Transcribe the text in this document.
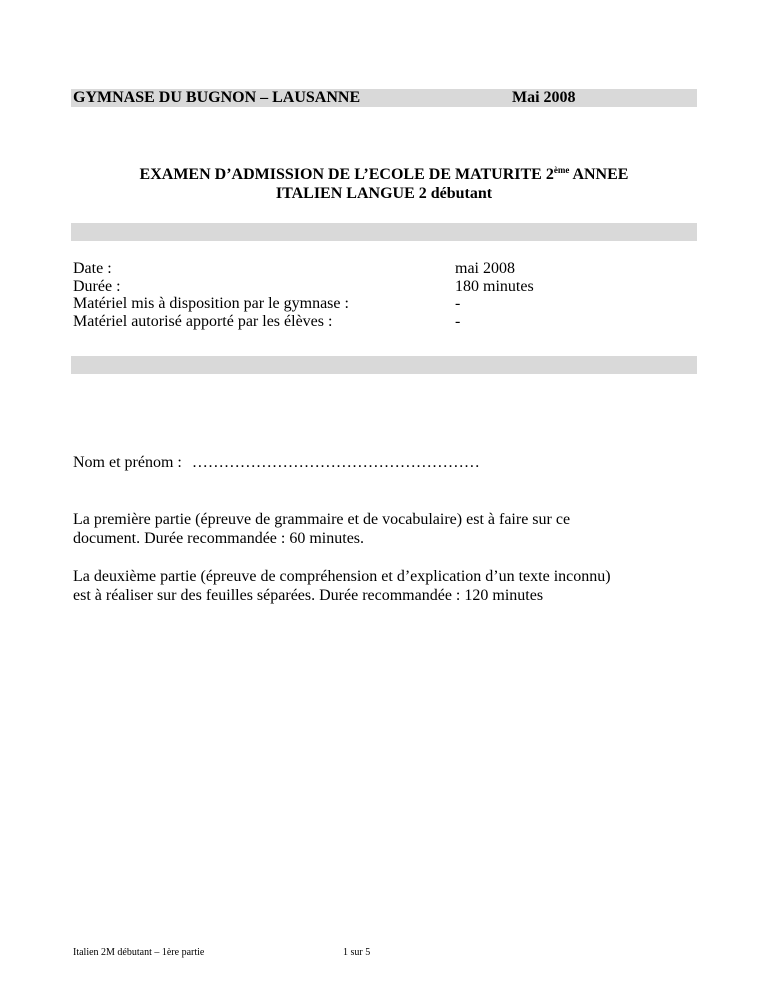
GYMNASE DU BUGNON – LAUSANNE	Mai 2008
EXAMEN D’ADMISSION DE L’ECOLE DE MATURITE 2ème ANNEE
ITALIEN LANGUE 2 débutant
Date :
Durée :
Matériel mis à disposition par le gymnase :
Matériel autorisé apporté par les élèves :
mai 2008
180 minutes
-
-
Nom et prénom : ………………………………………………
La première partie (épreuve de grammaire et de vocabulaire) est à faire sur ce
document. Durée recommandée : 60 minutes.
La deuxième partie (épreuve de compréhension et d’explication d’un texte inconnu)
est à réaliser sur des feuilles séparées. Durée recommandée : 120 minutes
Italien 2M débutant – 1ère partie	1 sur 5
